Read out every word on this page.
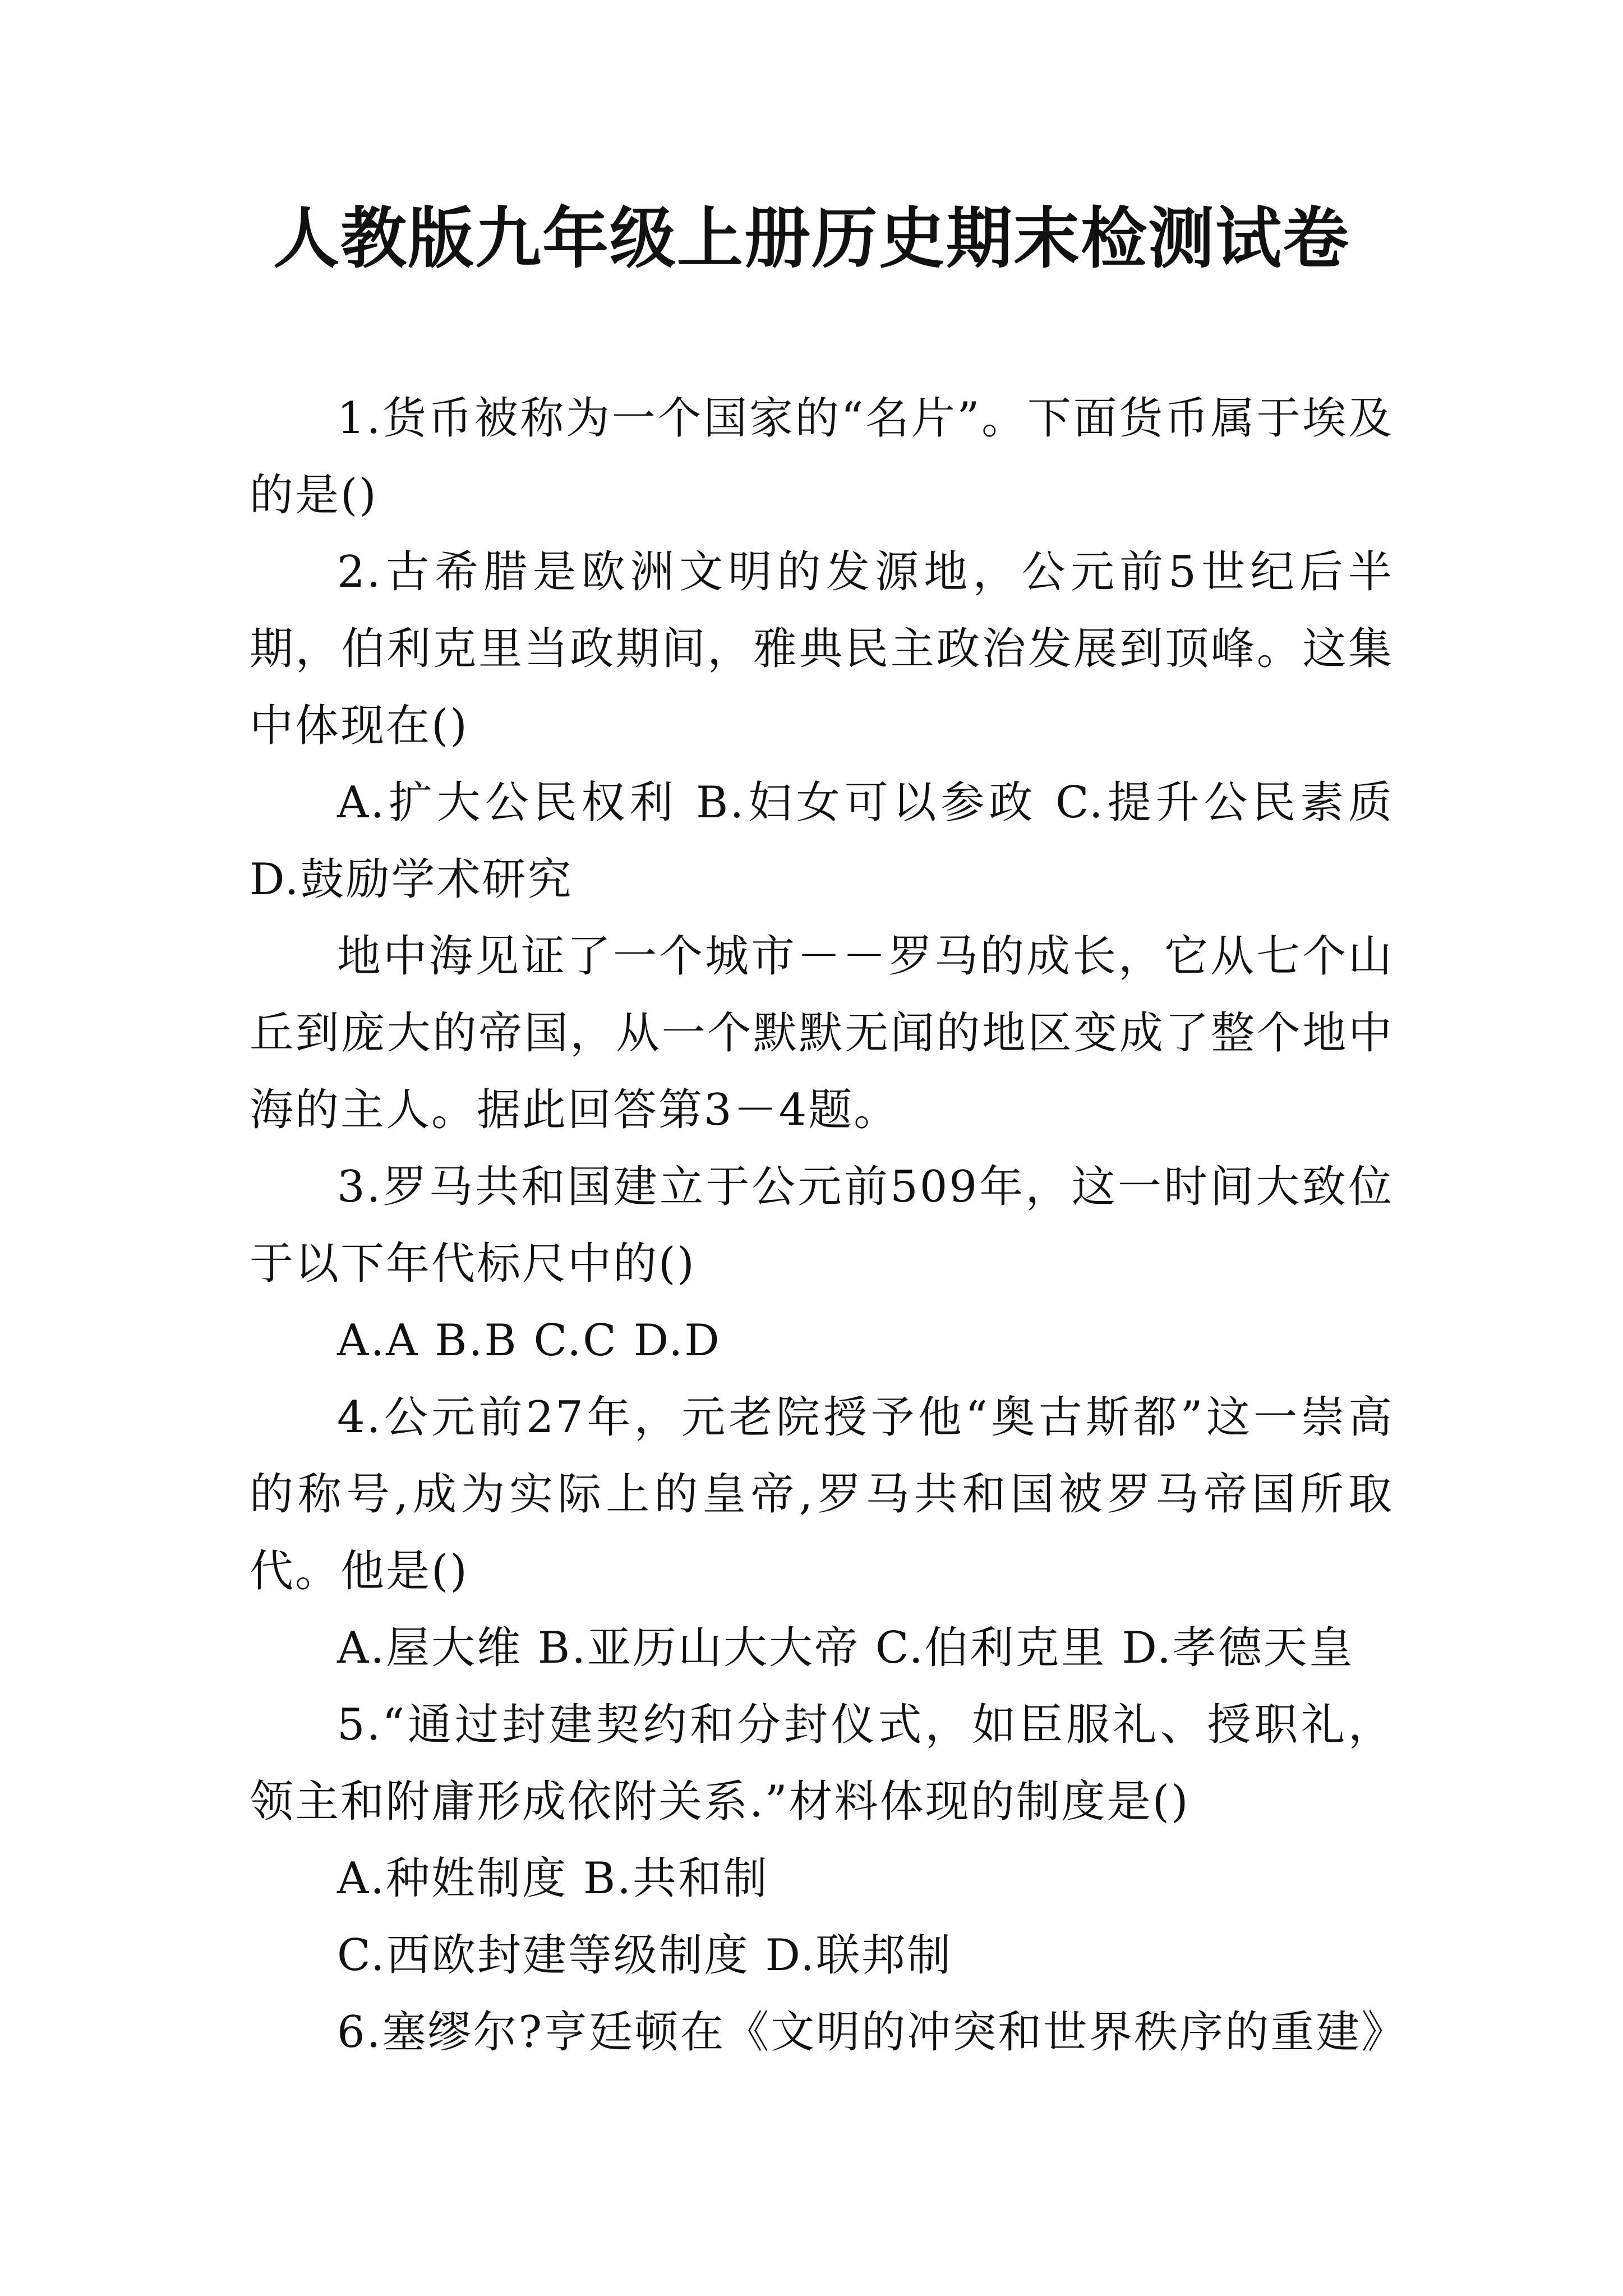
人教版九年级上册历史期末检测试卷

1.货币被称为一个国家的“名片”。下面货币属于埃及的是()

2.古希腊是欧洲文明的发源地，公元前5世纪后半期，伯利克里当政期间，雅典民主政治发展到顶峰。这集中体现在()

A.扩大公民权利 B.妇女可以参政 C.提升公民素质 D.鼓励学术研究

地中海见证了一个城市－－罗马的成长，它从七个山丘到庞大的帝国，从一个默默无闻的地区变成了整个地中海的主人。据此回答第3－4题。

3.罗马共和国建立于公元前509年，这一时间大致位于以下年代标尺中的()

A.A B.B C.C D.D

4.公元前27年，元老院授予他“奥古斯都”这一崇高的称号,成为实际上的皇帝,罗马共和国被罗马帝国所取代。他是()

A.屋大维 B.亚历山大大帝 C.伯利克里 D.孝德天皇

5.“通过封建契约和分封仪式，如臣服礼、授职礼，领主和附庸形成依附关系.”材料体现的制度是()

A.种姓制度 B.共和制

C.西欧封建等级制度 D.联邦制

6.塞缪尔?亨廷顿在《文明的冲突和世界秩序的重建》
